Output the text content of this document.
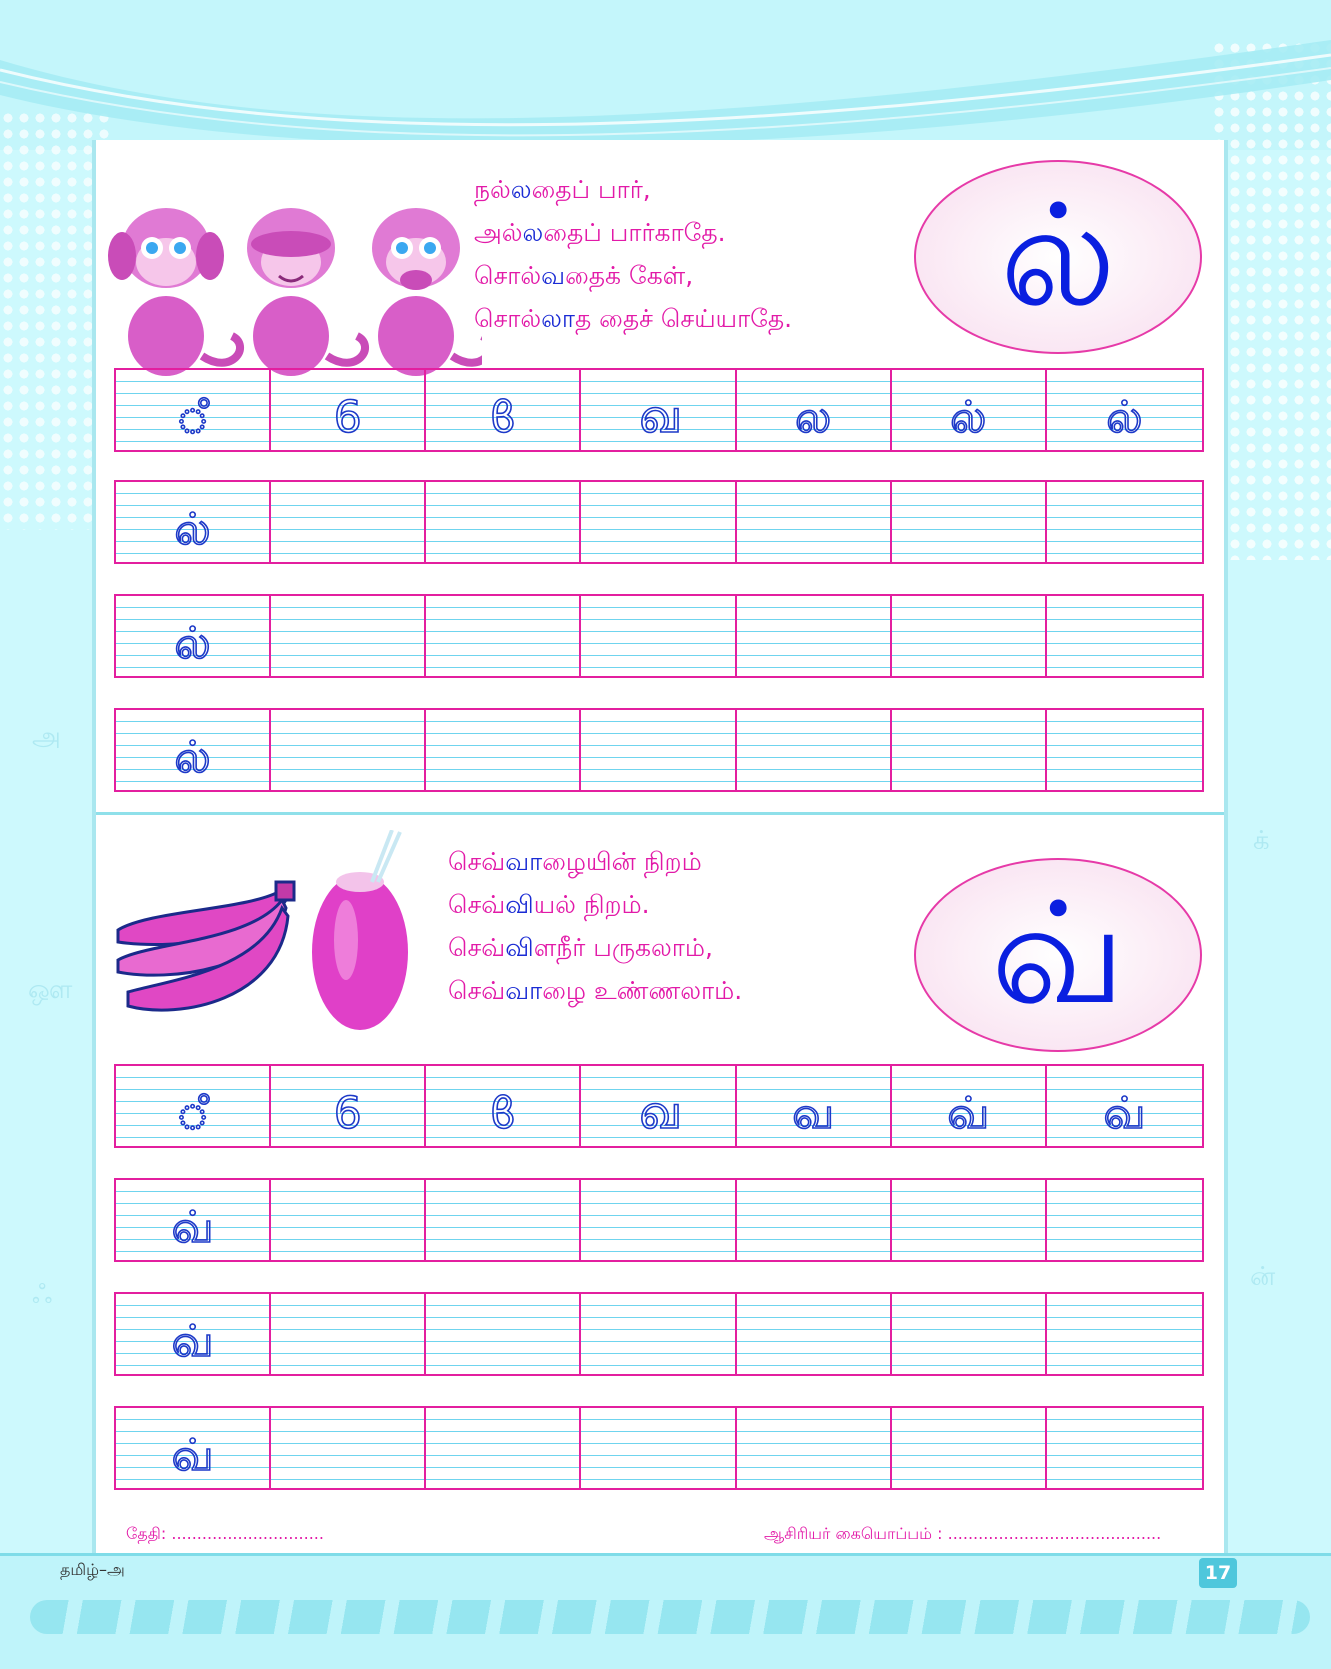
அ
ஔ
ஃ
க்
ன்
நல்லதைப் பார்,
அல்லதைப் பார்காதே.
சொல்வதைக் கேள்,
சொல்லாத தைச் செய்யாதே. ல்
ஂ	6	ϐ	ഖ	ல	ல்	ல்
ல்
ல்
ல்
செவ்வாழையின் நிறம்
செவ்வியல் நிறம்.
செவ்விளநீர் பருகலாம்,
செவ்வாழை உண்ணலாம். வ்
ஂ	6	ϐ	ഖ	வ	வ்	வ்
வ்
வ்
வ்
தேதி: ..............................	ஆசிரியர் கையொப்பம் : ..........................................
தமிழ்–அ	17
